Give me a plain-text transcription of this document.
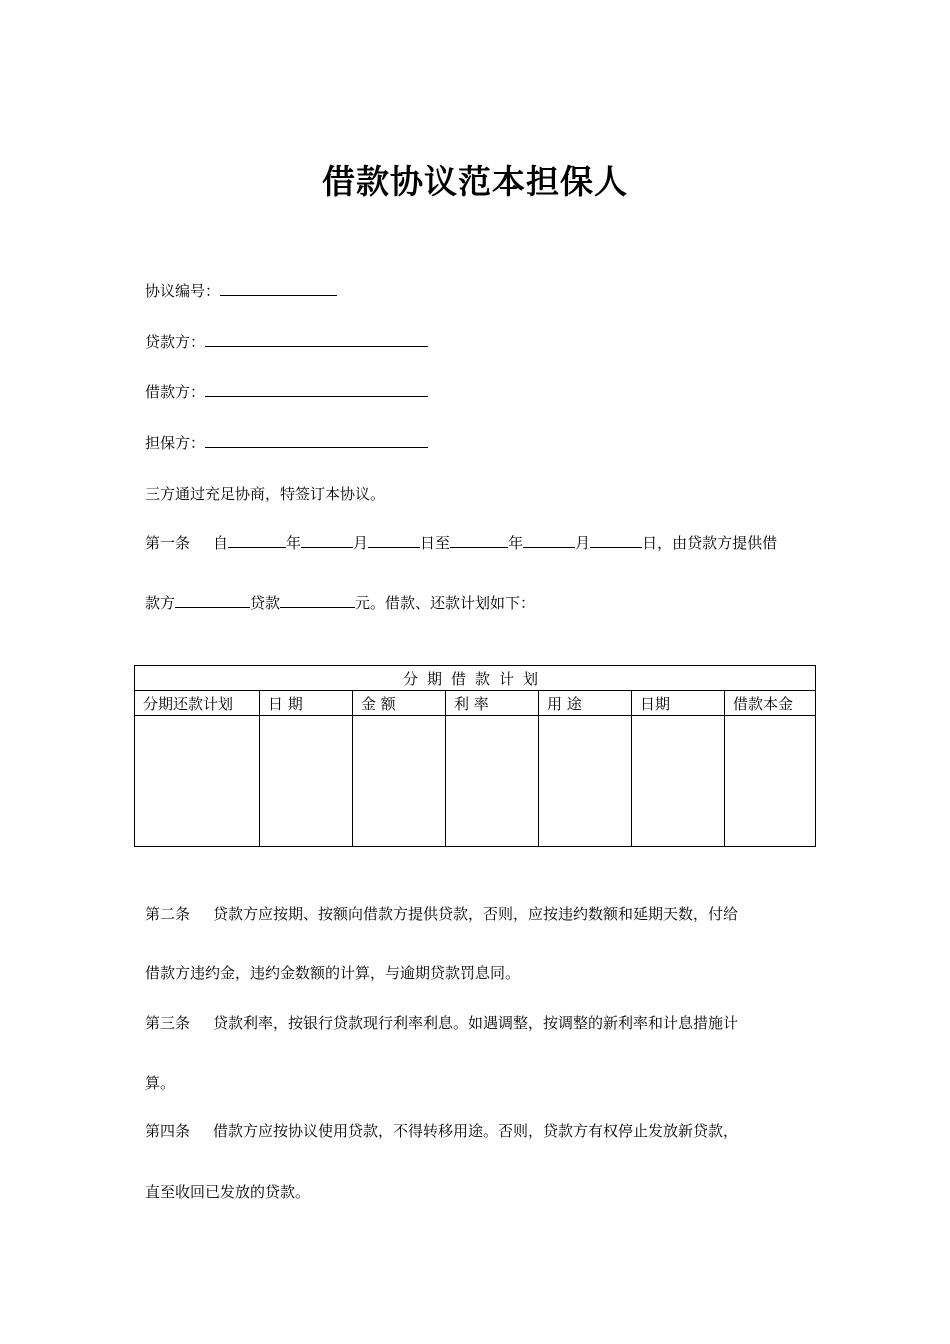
借款协议范本担保人
协议编号：
贷款方：
借款方：
担保方：
三方通过充足协商，特签订本协议。
第一条 自	年	月	日至	年	月	日，由贷款方提供借
款方	贷款	元。借款、还款计划如下：
分期借款计划						
分期还款计划	日 期	金 额	利 率	用 途	日期	借款本金

第二条 贷款方应按期、按额向借款方提供贷款，否则，应按违约数额和延期天数，付给
借款方违约金，违约金数额的计算，与逾期贷款罚息同。
第三条 贷款利率，按银行贷款现行利率利息。如遇调整，按调整的新利率和计息措施计
算。
第四条 借款方应按协议使用贷款，不得转移用途。否则，贷款方有权停止发放新贷款，
直至收回已发放的贷款。
